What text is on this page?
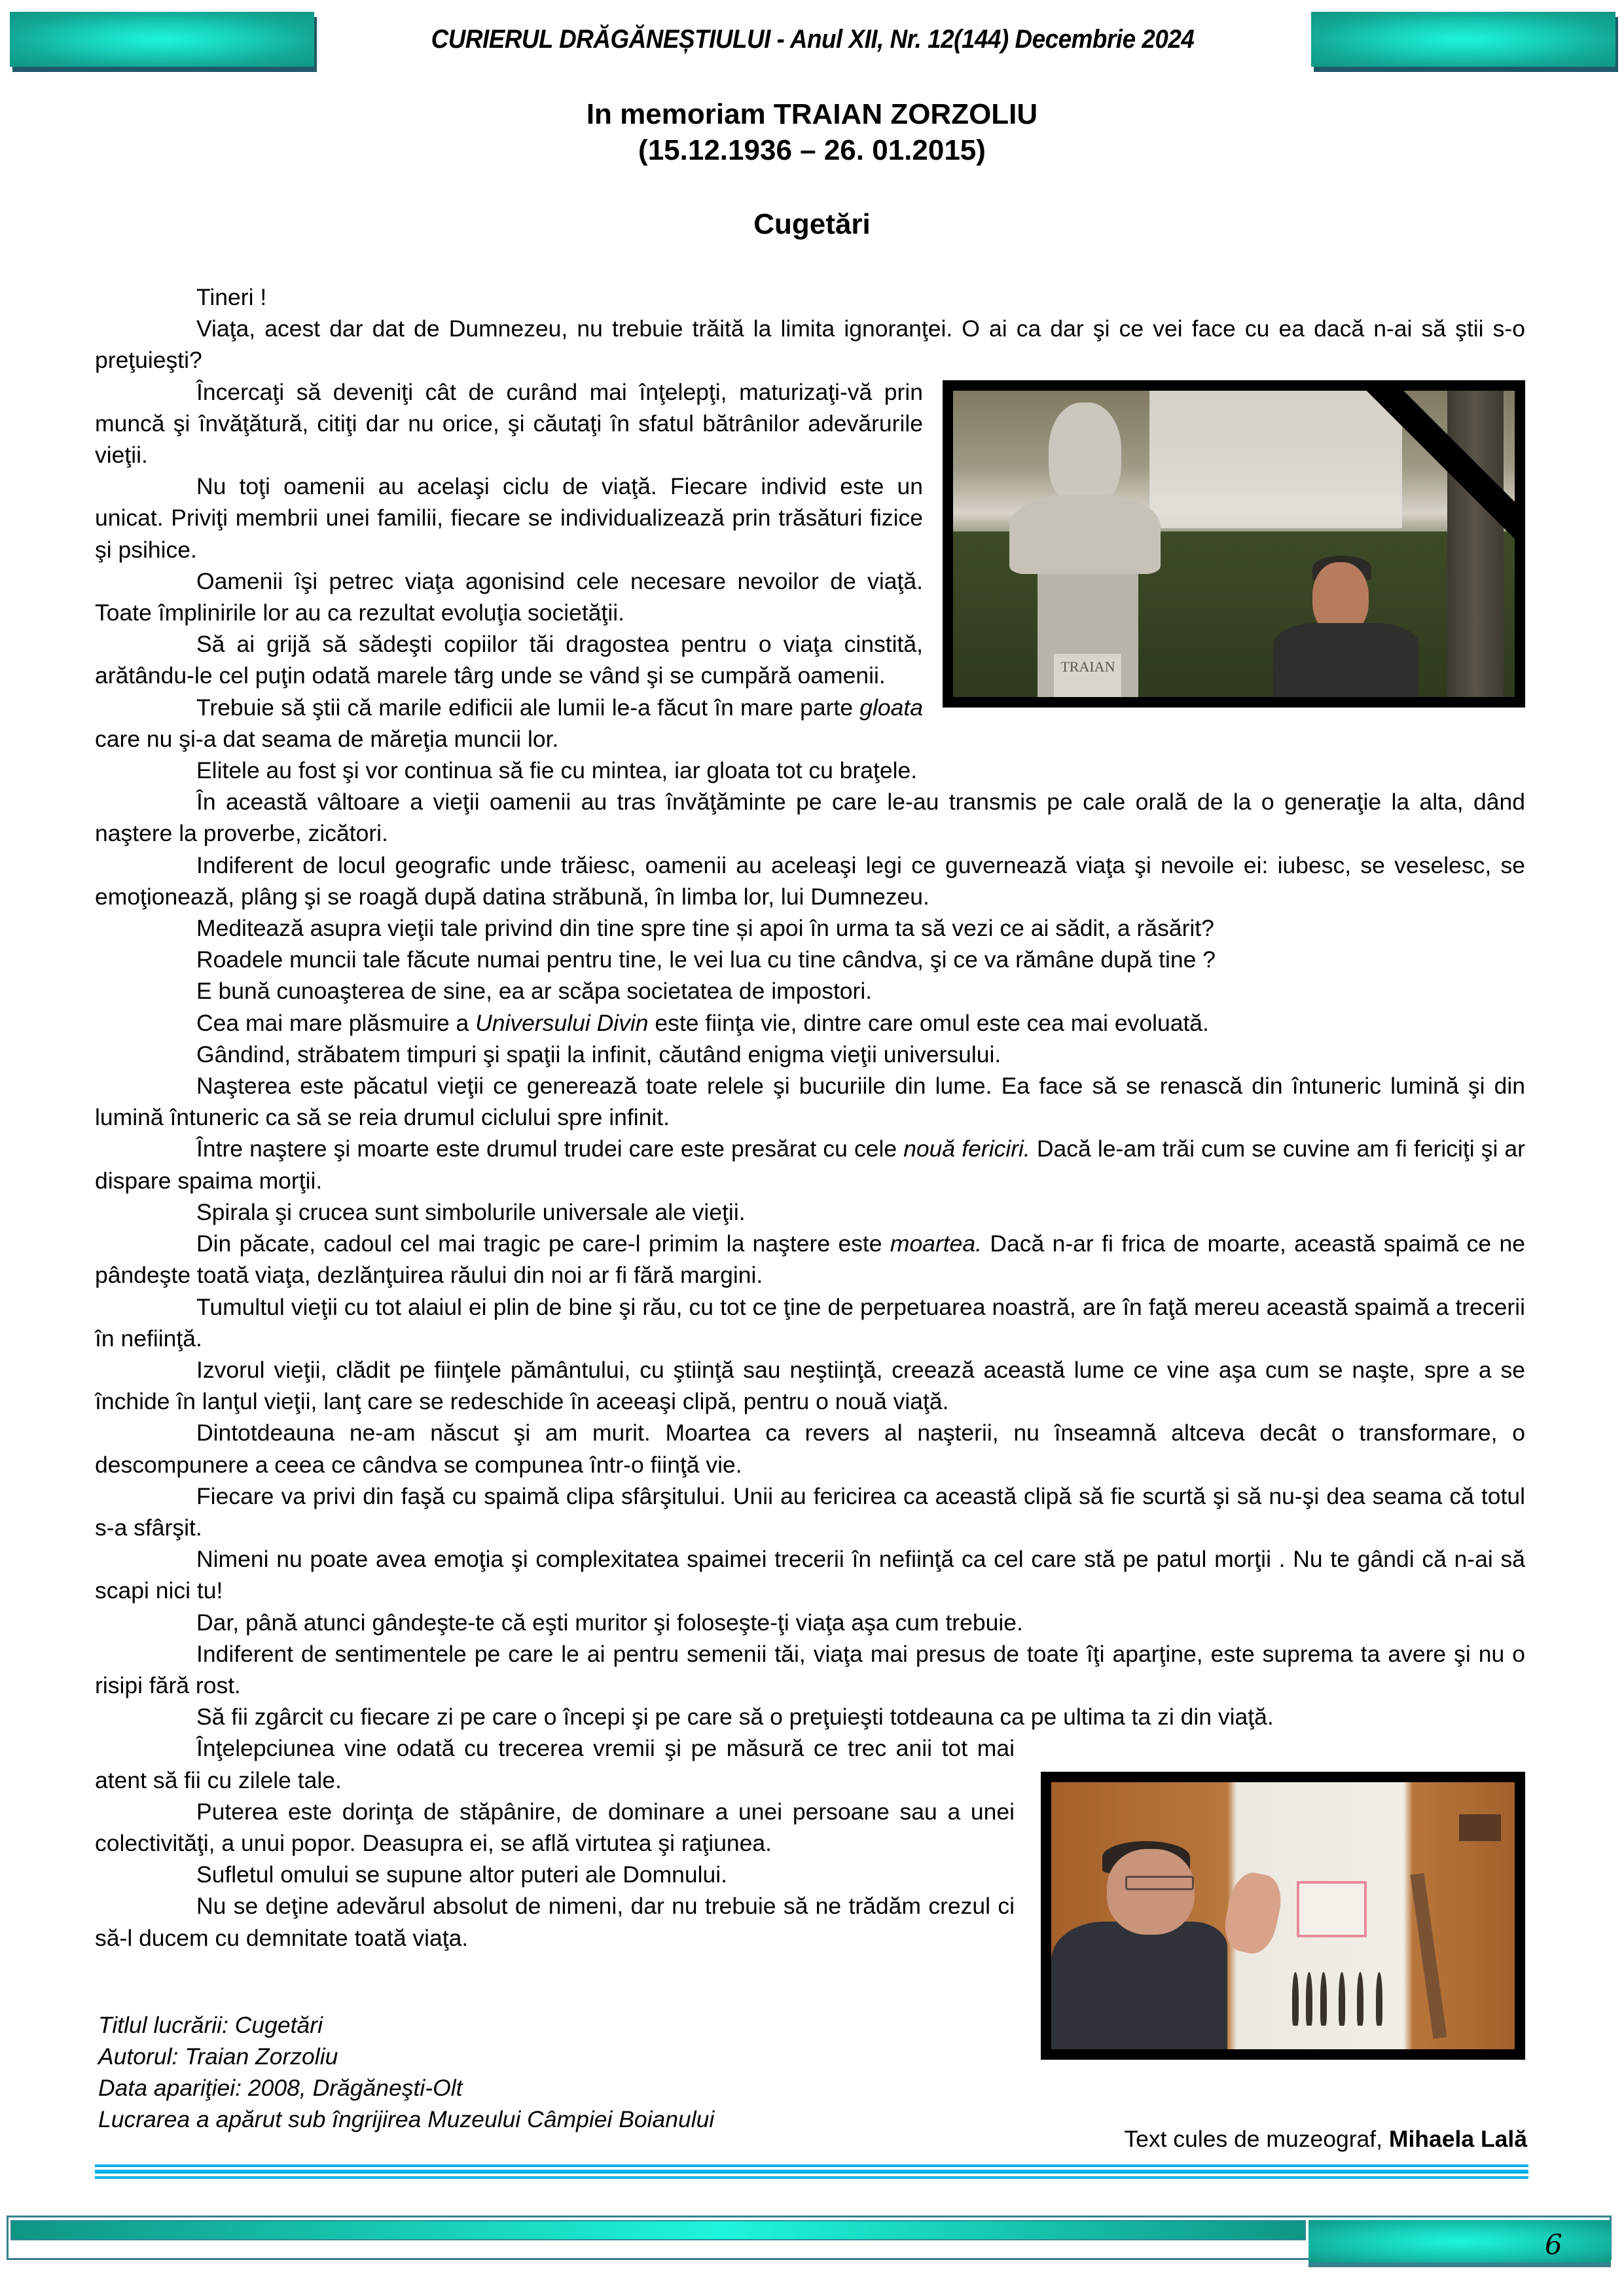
CURIERUL DRĂGĂNEȘTIULUI - Anul XII, Nr. 12(144) Decembrie 2024
In memoriam TRAIAN ZORZOLIU
(15.12.1936 – 26. 01.2015)
Cugetări

Tineri !

Viaţa, acest dar dat de Dumnezeu, nu trebuie trăită la limita ignoranţei. O ai ca dar şi ce vei face cu ea dacă n-ai să ştii s-o preţuieşti?

TRAIAN

Încercaţi să deveniţi cât de curând mai înţelepţi, maturizaţi-vă prin muncă şi învăţătură, citiţi dar nu orice, şi căutaţi în sfatul bătrânilor adevărurile vieţii.

Nu toţi oamenii au acelaşi ciclu de viaţă. Fiecare individ este un unicat. Priviţi membrii unei familii, fiecare se individualizează prin trăsături fizice şi psihice.

Oamenii îşi petrec viaţa agonisind cele necesare nevoilor de viaţă. Toate împlinirile lor au ca rezultat evoluţia societăţii.

Să ai grijă să sădeşti copiilor tăi dragostea pentru o viaţa cinstită, arătându-le cel puţin odată marele târg unde se vând şi se cumpără oamenii.

Trebuie să ştii că marile edificii ale lumii le-a făcut în mare parte gloata care nu şi-a dat seama de măreţia muncii lor.

Elitele au fost şi vor continua să fie cu mintea, iar gloata tot cu braţele.

În această vâltoare a vieţii oamenii au tras învăţăminte pe care le-au transmis pe cale orală de la o generaţie la alta, dând naştere la proverbe, zicători.

Indiferent de locul geografic unde trăiesc, oamenii au aceleaşi legi ce guvernează viaţa şi nevoile ei: iubesc, se veselesc, se emoţionează, plâng şi se roagă după datina străbună, în limba lor, lui Dumnezeu.

Meditează asupra vieţii tale privind din tine spre tine și apoi în urma ta să vezi ce ai sădit, a răsărit?

Roadele muncii tale făcute numai pentru tine, le vei lua cu tine cândva, şi ce va rămâne după tine ?

E bună cunoaşterea de sine, ea ar scăpa societatea de impostori.

Cea mai mare plăsmuire a Universului Divin este fiinţa vie, dintre care omul este cea mai evoluată.

Gândind, străbatem timpuri şi spaţii la infinit, căutând enigma vieţii universului.

Naşterea este păcatul vieţii ce generează toate relele şi bucuriile din lume. Ea face să se renască din întuneric lumină şi din lumină întuneric ca să se reia drumul ciclului spre infinit.

Între naştere şi moarte este drumul trudei care este presărat cu cele nouă fericiri. Dacă le-am trăi cum se cuvine am fi fericiţi şi ar dispare spaima morţii.

Spirala şi crucea sunt simbolurile universale ale vieţii.

Din păcate, cadoul cel mai tragic pe care-l primim la naştere este moartea. Dacă n-ar fi frica de moarte, această spaimă ce ne pândeşte toată viaţa, dezlănţuirea răului din noi ar fi fără margini.

Tumultul vieţii cu tot alaiul ei plin de bine şi rău, cu tot ce ţine de perpetuarea noastră, are în faţă mereu această spaimă a trecerii în nefiinţă.

Izvorul vieţii, clădit pe fiinţele pământului, cu ştiinţă sau neştiinţă, creează această lume ce vine aşa cum se naşte, spre a se închide în lanţul vieţii, lanţ care se redeschide în aceeaşi clipă, pentru o nouă viaţă.

Dintotdeauna ne-am născut şi am murit. Moartea ca revers al naşterii, nu înseamnă altceva decât o transformare, o descompunere a ceea ce cândva se compunea într-o fiinţă vie.

Fiecare va privi din faşă cu spaimă clipa sfârşitului. Unii au fericirea ca această clipă să fie scurtă şi să nu-şi dea seama că totul s-a sfârşit.

Nimeni nu poate avea emoţia şi complexitatea spaimei trecerii în nefiinţă ca cel care stă pe patul morţii . Nu te gândi că n-ai să scapi nici tu!

Dar, până atunci gândeşte-te că eşti muritor şi foloseşte-ţi viaţa aşa cum trebuie.

Indiferent de sentimentele pe care le ai pentru semenii tăi, viaţa mai presus de toate îţi aparţine, este suprema ta avere şi nu o risipi fără rost.

Să fii zgârcit cu fiecare zi pe care o începi şi pe care să o preţuieşti totdeauna ca pe ultima ta zi din viaţă.

Înţelepciunea vine odată cu trecerea vremii şi pe măsură ce trec anii tot mai atent să fii cu zilele tale.

Puterea este dorinţa de stăpânire, de dominare a unei persoane sau a unei colectivităţi, a unui popor. Deasupra ei, se află virtutea şi raţiunea.

Sufletul omului se supune altor puteri ale Domnului.

Nu se deţine adevărul absolut de nimeni, dar nu trebuie să ne trădăm crezul ci să-l ducem cu demnitate toată viaţa.

Titlul lucrării: Cugetări
Autorul: Traian Zorzoliu
Data apariţiei: 2008, Drăgăneşti-Olt
Lucrarea a apărut sub îngrijirea Muzeului Câmpiei Boianului
Text cules de muzeograf, Mihaela Lală
6
